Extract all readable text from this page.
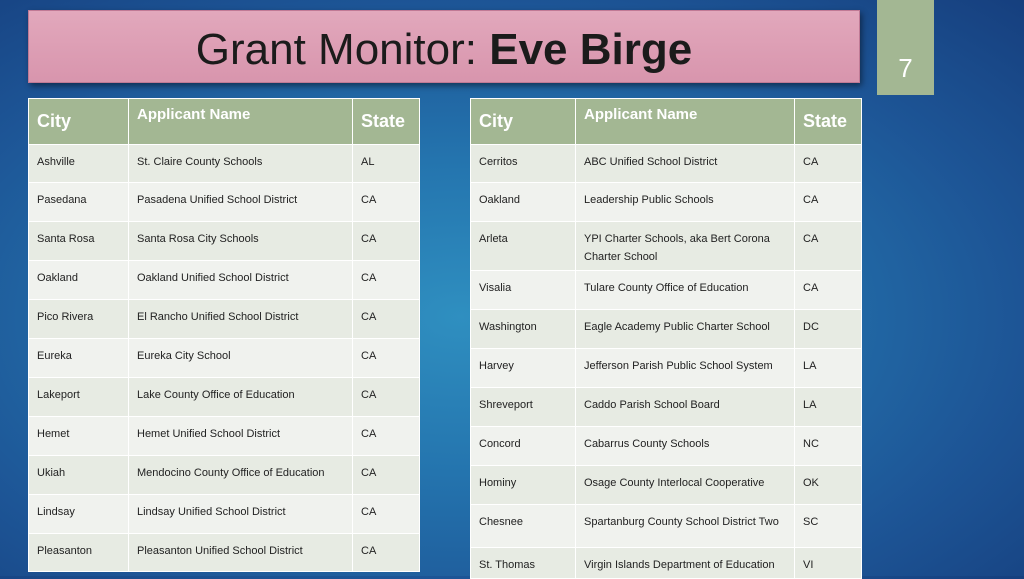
Grant Monitor: Eve Birge	7
City	Applicant Name	State
Ashville	St. Claire County Schools	AL
Pasedana	Pasadena Unified School District	CA
Santa Rosa	Santa Rosa City Schools	CA
Oakland	Oakland Unified School District	CA
Pico Rivera	El Rancho Unified School District	CA
Eureka	Eureka City School	CA
Lakeport	Lake County Office of Education	CA
Hemet	Hemet Unified School District	CA
Ukiah	Mendocino County Office of Education	CA
Lindsay	Lindsay Unified School District	CA
Pleasanton	Pleasanton Unified School District	CA
City	Applicant Name	State
Cerritos	ABC Unified School District	CA
Oakland	Leadership Public Schools	CA
Arleta	YPI Charter Schools, aka Bert Corona Charter School	CA
Visalia	Tulare County Office of Education	CA
Washington	Eagle Academy Public Charter School	DC
Harvey	Jefferson Parish Public School System	LA
Shreveport	Caddo Parish School Board	LA
Concord	Cabarrus County Schools	NC
Hominy	Osage County Interlocal Cooperative	OK
Chesnee	Spartanburg County School District Two	SC
St. Thomas	Virgin Islands Department of Education	VI
